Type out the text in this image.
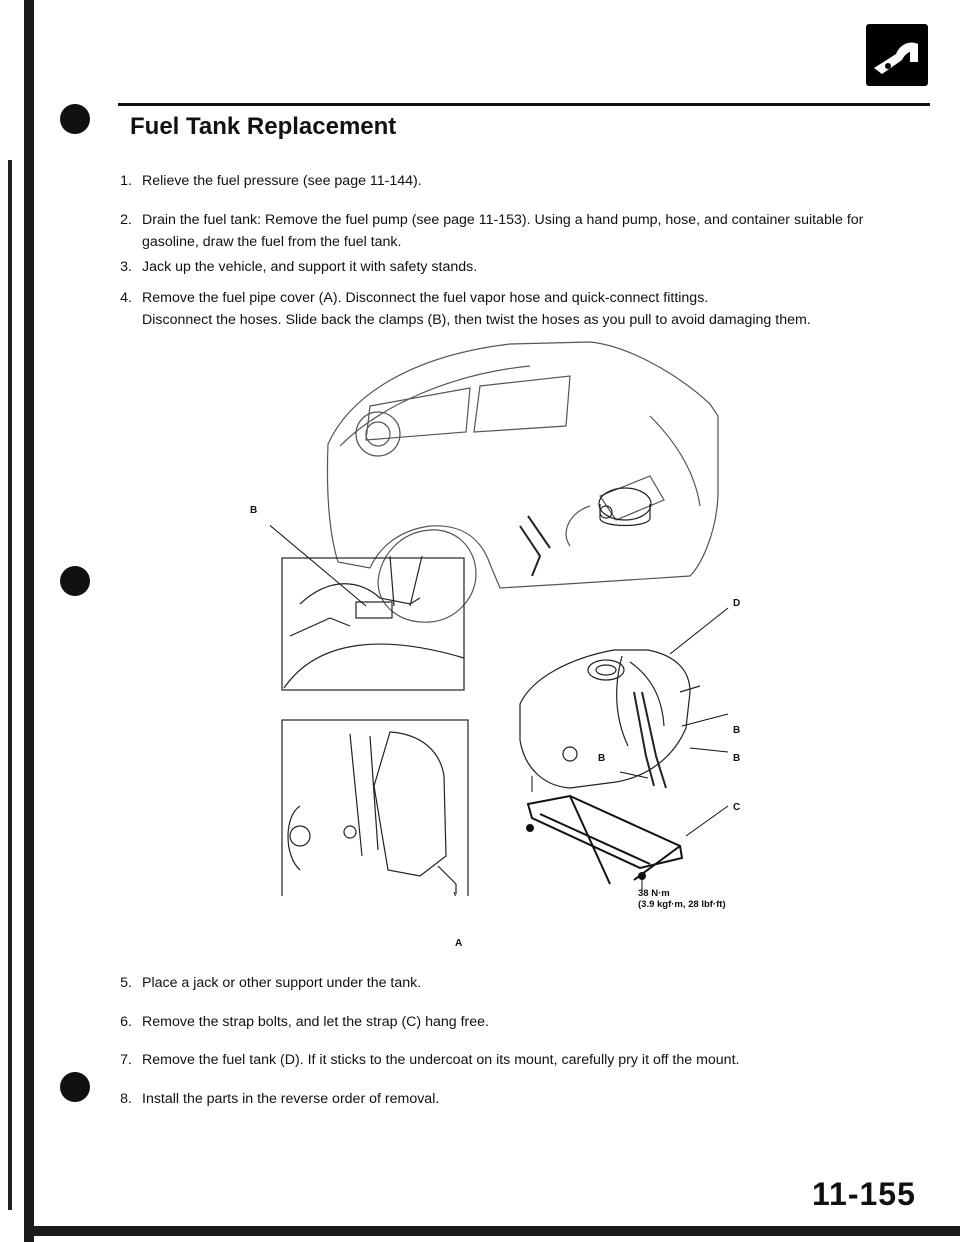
Fuel Tank Replacement
1. Relieve the fuel pressure (see page 11-144).
2. Drain the fuel tank: Remove the fuel pump (see page 11-153). Using a hand pump, hose, and container suitable for
gasoline, draw the fuel from the fuel tank.
3. Jack up the vehicle, and support it with safety stands.
4. Remove the fuel pipe cover (A). Disconnect the fuel vapor hose and quick-connect fittings.
Disconnect the hoses. Slide back the clamps (B), then twist the hoses as you pull to avoid damaging them.
B
D
B
B	B
C
A
38 N·m
(3.9 kgf·m, 28 lbf·ft)
5. Place a jack or other support under the tank.
6. Remove the strap bolts, and let the strap (C) hang free.
7. Remove the fuel tank (D). If it sticks to the undercoat on its mount, carefully pry it off the mount.
8. Install the parts in the reverse order of removal.
11-155
